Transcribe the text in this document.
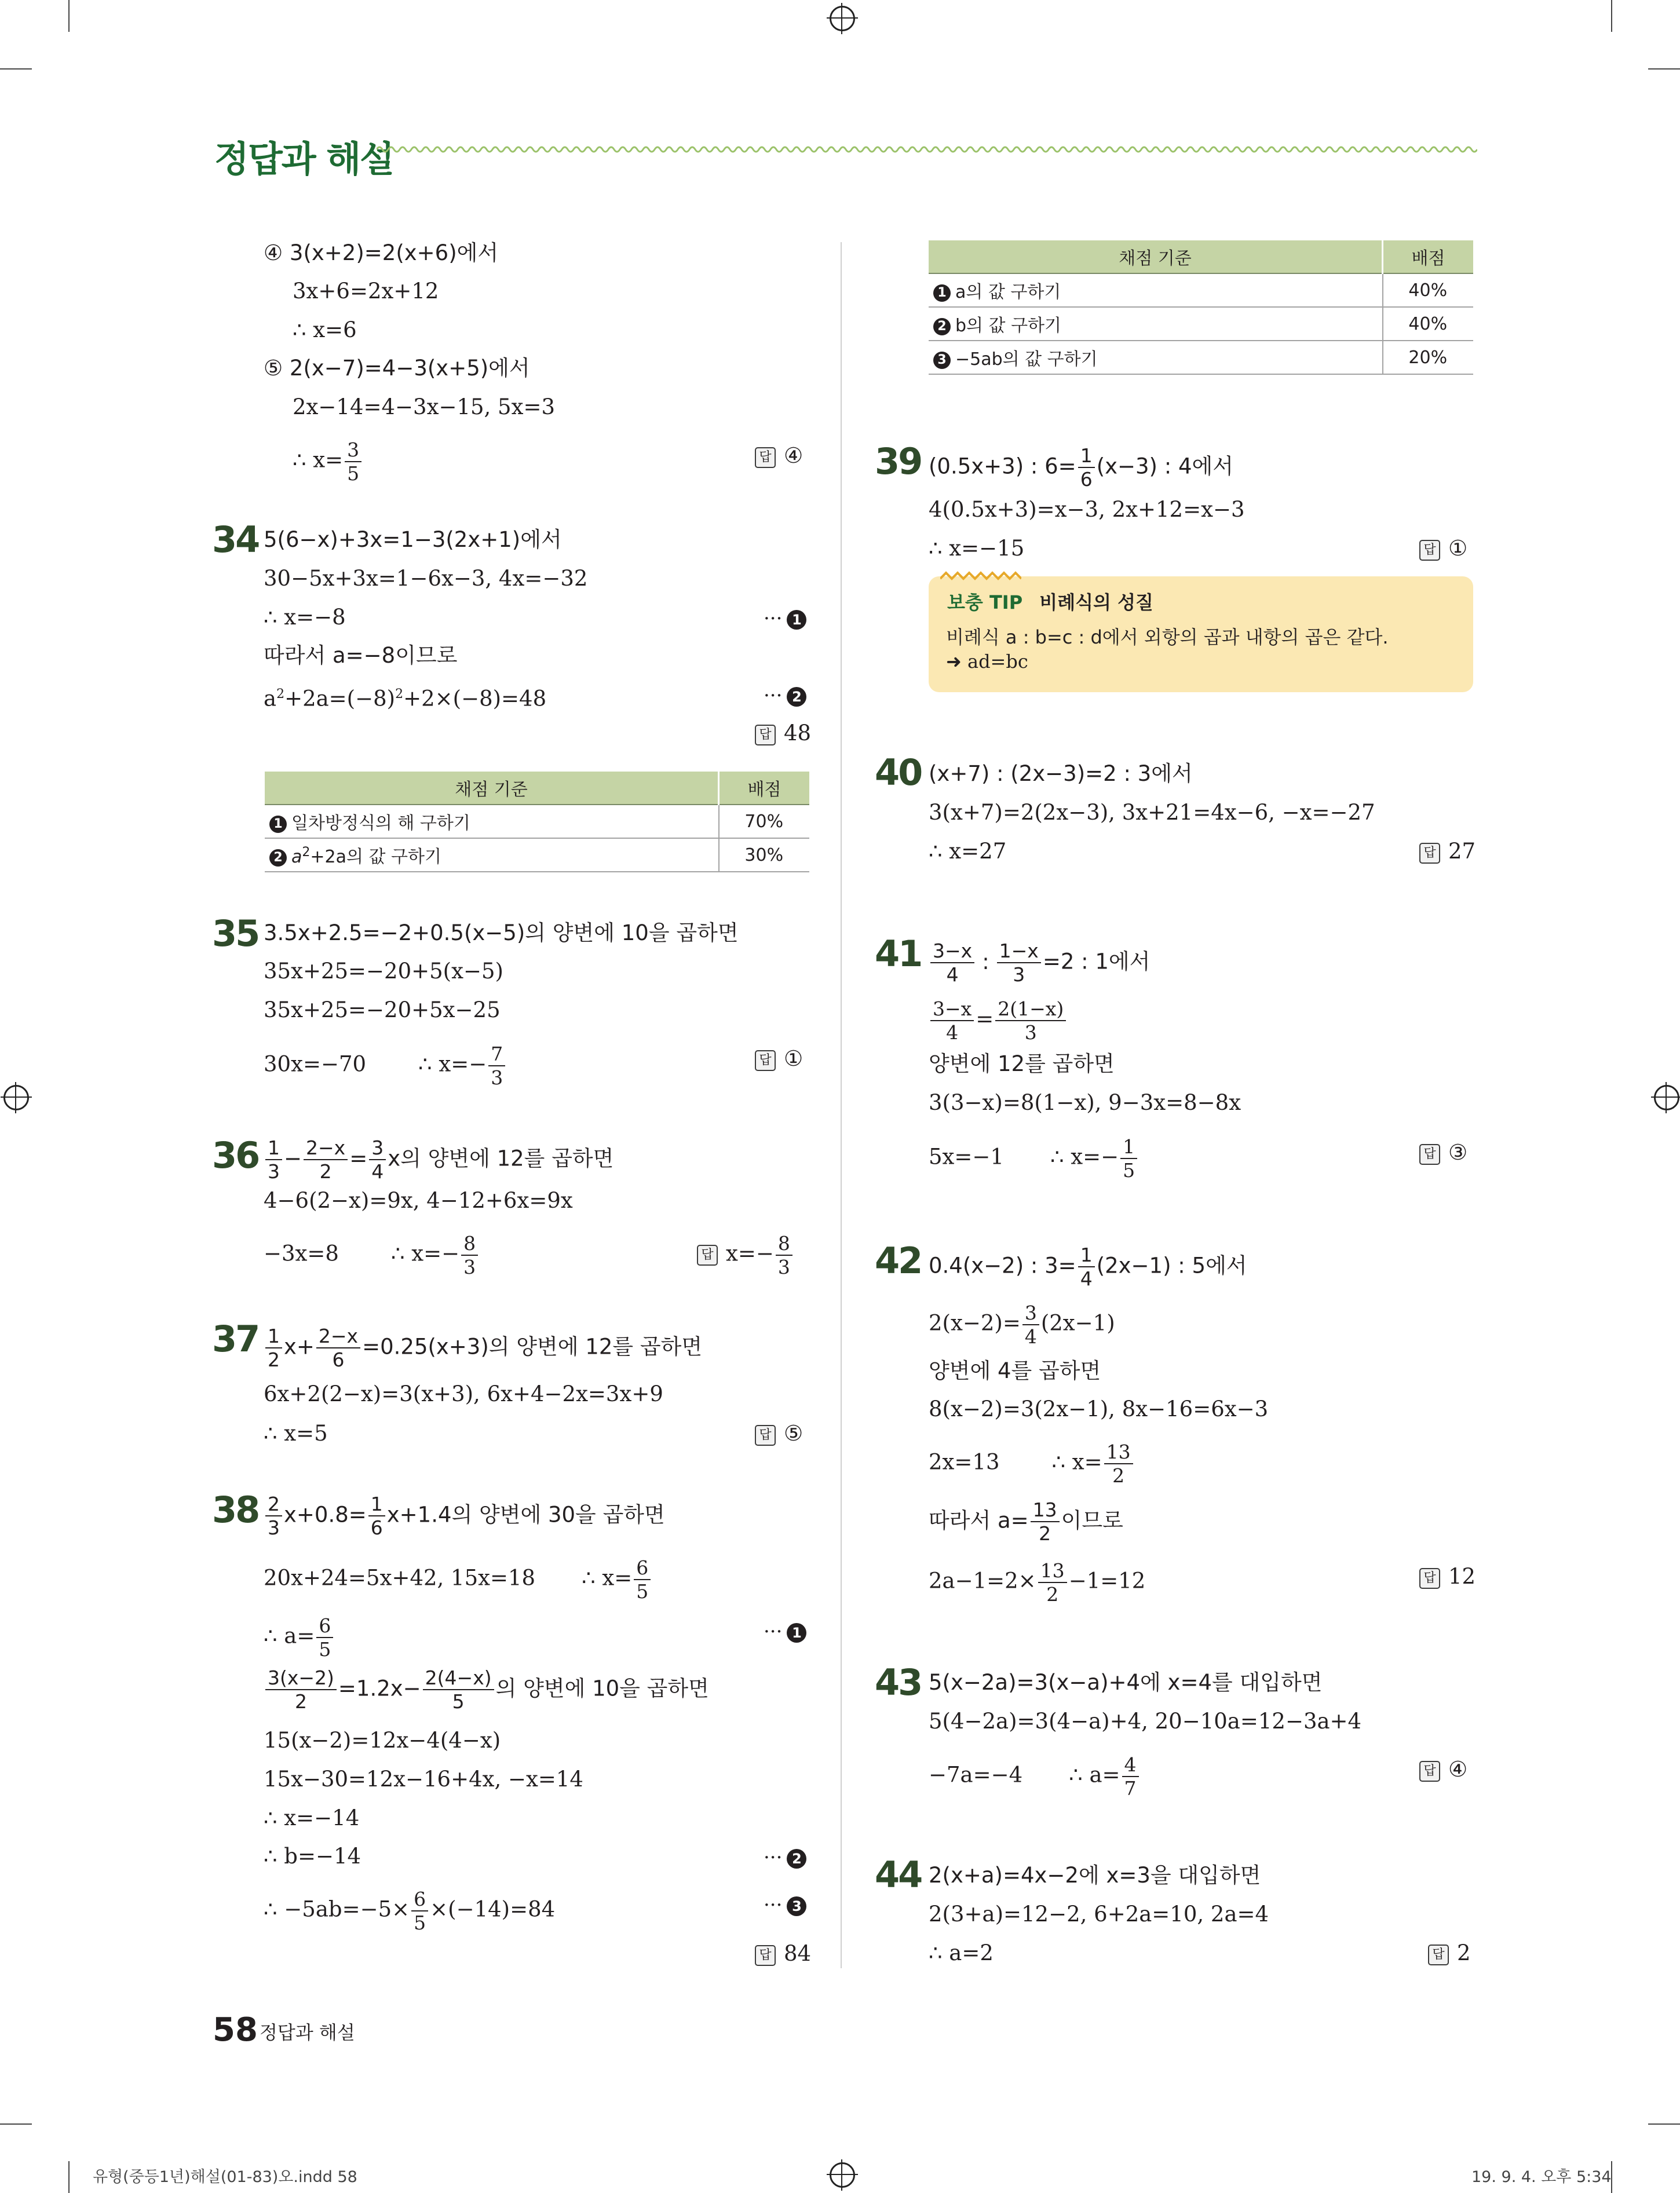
정답과 해설
④ 3(x+2)=2(x+6)에서
3x+6=2x+12
∴ x=6
⑤ 2(x−7)=4−3(x+5)에서
2x−14=4−3x−15, 5x=3
∴ $x= \frac{3}{5}$	답 ④
34 5(6−x)+3x=1−3(2x+1)에서
30−5x+3x=1−6x−3, 4x=−32
∴ x=−8	··· 1
따라서 a=−8이므로
$a^2+2a=(-8)^2+2\times(-8)=48$	··· 2
답 48
채점 기준	배점
1 일차방정식의 해 구하기	70%
2 $a^2+2a$의 값 구하기	30%
35 3.5x+2.5=−2+0.5(x−5)의 양변에 10을 곱하면
35x+25=−20+5(x−5)
35x+25=−20+5x−25
30x=−70 ∴ $x=- \frac{7}{3}$	답 ①
$36 \frac{1}{3} - \frac{2-x}{2} = \frac{3}{4}$ x의 양변에 12를 곱하면
4−6(2−x)=9x, 4−12+6x=9x
−3x=8 ∴ $x=- \frac{8}{3}$	답 $x=- \frac{8}{3}$
$37 \frac{1}{2} x+ \frac{2-x}{6} =0.25(x+3)$의 양변에 12를 곱하면
6x+2(2−x)=3(x+3), 6x+4−2x=3x+9
∴ x=5	답 ⑤
$38 \frac{2}{3} x+0.8= \frac{1}{6} x+1.4$의 양변에 30을 곱하면
20x+24=5x+42, 15x=18 ∴ $x= \frac{6}{5}$
∴ $a= \frac{6}{5}$	··· 1
$\frac{3(x-2)}{2} =1.2x- \frac{2(4-x)}{5}$ 의 양변에 10을 곱하면
15(x−2)=12x−4(4−x)
15x−30=12x−16+4x, −x=14
∴ x=−14
∴ b=−14	··· 2
∴ $-5ab=-5\times \frac{6}{5} \times(-14)=84$	··· 3
답 84
채점 기준	배점
1 a의 값 구하기	40%
2 b의 값 구하기	40%
3 −5ab의 값 구하기	20%
39 (0.5x+3) : $6= \frac{1}{6} (x-3)$ : 4에서
4(0.5x+3)=x−3, 2x+12=x−3
∴ x=−15	답 ①
보충 TIP 비례식의 성질
비례식 a : b=c : d에서 외항의 곱과 내항의 곱은 같다.
➜ ad=bc
40 (x+7) : (2x−3)=2 : 3에서
3(x+7)=2(2x−3), 3x+21=4x−6, −x=−27
∴ x=27	답 27
$41 \frac{3-x}{4}$ : $\frac{1-x}{3} =2$ : 1에서
$\frac{3-x}{4} = \frac{2(1-x)}{3}$
양변에 12를 곱하면
3(3−x)=8(1−x), 9−3x=8−8x
5x=−1 ∴ $x=- \frac{1}{5}$	답 ③
42 0.4(x−2) : $3= \frac{1}{4} (2x-1)$ : 5에서
$2(x-2)= \frac{3}{4} (2x-1)$
양변에 4를 곱하면
8(x−2)=3(2x−1), 8x−16=6x−3
2x=13 ∴ $x= \frac{13}{2}$
따라서 $a= \frac{13}{2}$ 이므로
$2a-1=2\times \frac{13}{2} -1=12$	답 12
43 5(x−2a)=3(x−a)+4에 x=4를 대입하면
5(4−2a)=3(4−a)+4, 20−10a=12−3a+4
−7a=−4 ∴ $a= \frac{4}{7}$	답 ④
44 2(x+a)=4x−2에 x=3을 대입하면
2(3+a)=12−2, 6+2a=10, 2a=4
∴ a=2	답 2
58 정답과 해설
유형(중등1년)해설(01-83)오.indd 58	19. 9. 4. 오후 5:34
